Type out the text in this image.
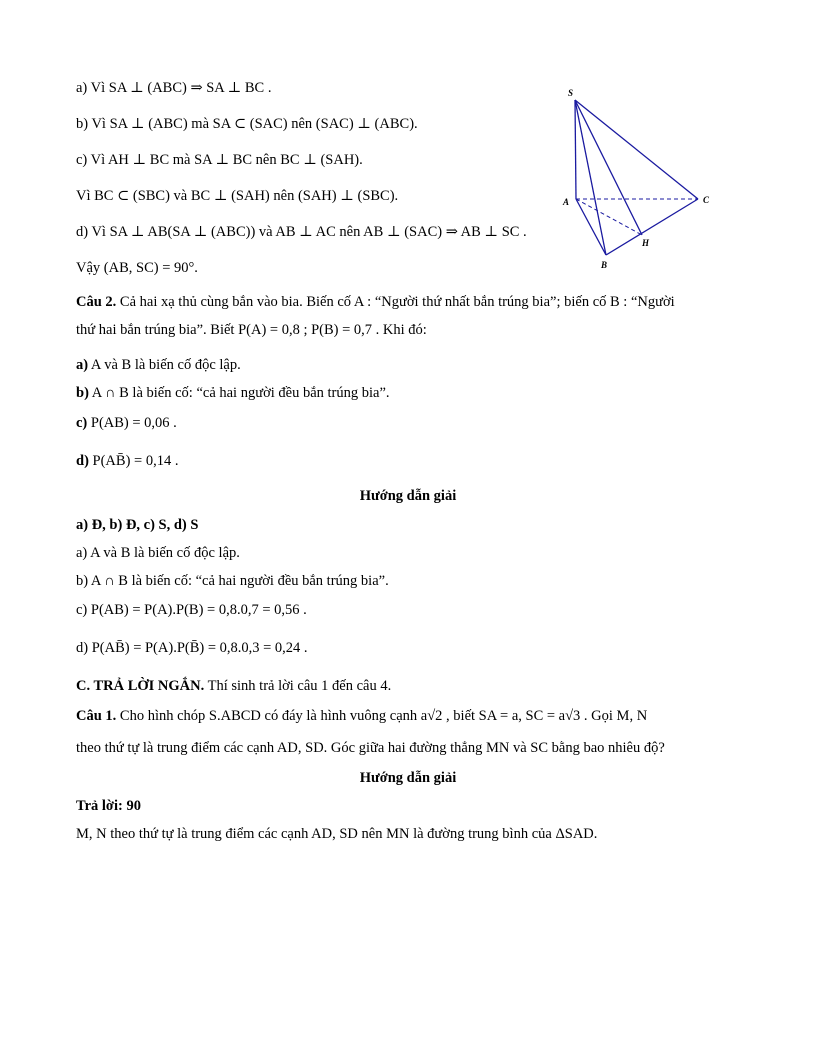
a) Vì SA ⊥ (ABC) ⇒ SA ⊥ BC .
b) Vì SA ⊥ (ABC) mà SA ⊂ (SAC) nên (SAC) ⊥ (ABC).
c) Vì AH ⊥ BC mà SA ⊥ BC nên BC ⊥ (SAH).
Vì BC ⊂ (SBC) và BC ⊥ (SAH) nên (SAH) ⊥ (SBC).
d) Vì SA ⊥ AB(SA ⊥ (ABC)) và AB ⊥ AC nên AB ⊥ (SAC) ⇒ AB ⊥ SC .
Vậy (AB, SC) = 90°.
S
A
B
C
H
Câu 2. Cả hai xạ thủ cùng bắn vào bia. Biến cố A : “Người thứ nhất bắn trúng bia”; biến cố B : “Người
thứ hai bắn trúng bia”. Biết P(A) = 0,8 ; P(B) = 0,7 . Khi đó:
a) A và B là biến cố độc lập.
b) A ∩ B là biến cố: “cả hai người đều bắn trúng bia”.
c) P(AB) = 0,06 .
d) P(AB̄) = 0,14 .
Hướng dẫn giải
a) Đ, b) Đ, c) S, d) S
a) A và B là biến cố độc lập.
b) A ∩ B là biến cố: “cả hai người đều bắn trúng bia”.
c) P(AB) = P(A).P(B) = 0,8.0,7 = 0,56 .
d) P(AB̄) = P(A).P(B̄) = 0,8.0,3 = 0,24 .
C. TRẢ LỜI NGẮN. Thí sinh trả lời câu 1 đến câu 4.
Câu 1. Cho hình chóp S.ABCD có đáy là hình vuông cạnh a√2 , biết SA = a, SC = a√3 . Gọi M, N
theo thứ tự là trung điểm các cạnh AD, SD. Góc giữa hai đường thẳng MN và SC bằng bao nhiêu độ?
Hướng dẫn giải
Trả lời: 90
M, N theo thứ tự là trung điểm các cạnh AD, SD nên MN là đường trung bình của ΔSAD.
